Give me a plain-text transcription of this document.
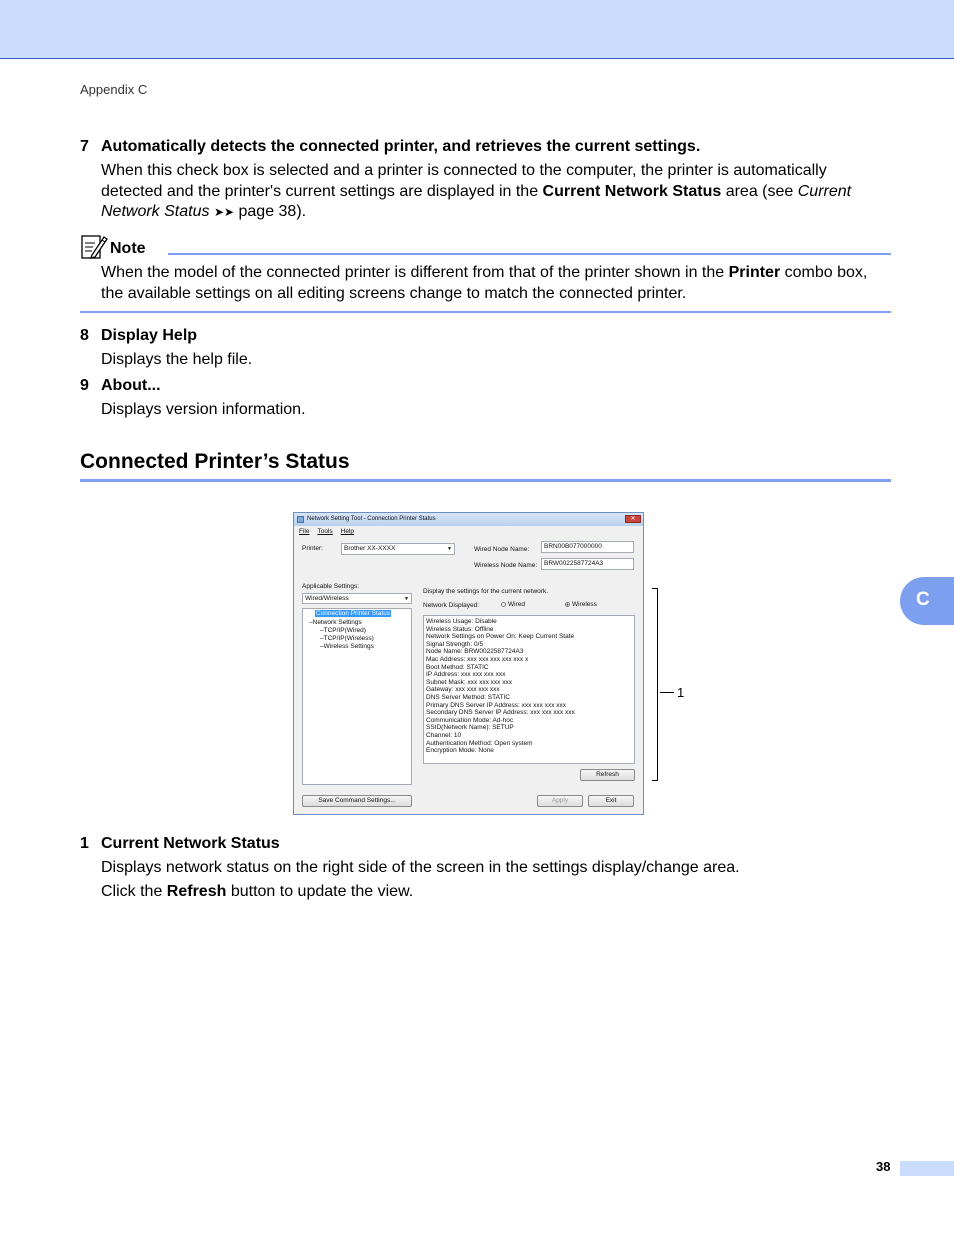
Appendix C
7 Automatically detects the connected printer, and retrieves the current settings.
When this check box is selected and a printer is connected to the computer, the printer is automatically detected and the printer's current settings are displayed in the Current Network Status area (see Current Network Status ➤➤ page 38).
Note
When the model of the connected printer is different from that of the printer shown in the Printer combo box, the available settings on all editing screens change to match the connected printer.
8 Display Help
Displays the help file.
9 About...
Displays version information.
Connected Printer’s Status
Network Setting Tool - Connection Printer Status	✕
File Tools Help
Printer:	Brother XX-XXXX	▼	Wired Node Name:	BRN00B077000000
Wireless Node Name:	BRW0022587724A3
Applicable Settings:
Wired/Wireless	▼
Connection Printer Status
–Network Settings
–TCP/IP(Wired)
–TCP/IP(Wireless)
–Wireless Settings
Display the settings for the current network.
Network Displayed:	Wired	Wireless
Wireless Usage: Disable
Wireless Status: Offline
Network Settings on Power On: Keep Current State
Signal Strength: 0/5
Node Name: BRW0022587724A3
Mac Address: xxx xxx xxx xxx xxx x
Boot Method: STATIC
IP Address: xxx xxx xxx xxx
Subnet Mask: xxx xxx xxx xxx
Gateway: xxx xxx xxx xxx
DNS Server Method: STATIC
Primary DNS Server IP Address: xxx xxx xxx xxx
Secondary DNS Server IP Address: xxx xxx xxx xxx
Communication Mode: Ad-hoc
SSID(Network Name): SETUP
Channel: 10
Authentication Method: Open system
Encryption Mode: None
Refresh
Save Command Settings...	Apply	Exit
1
1 Current Network Status
Displays network status on the right side of the screen in the settings display/change area.
Click the Refresh button to update the view.
C
38
